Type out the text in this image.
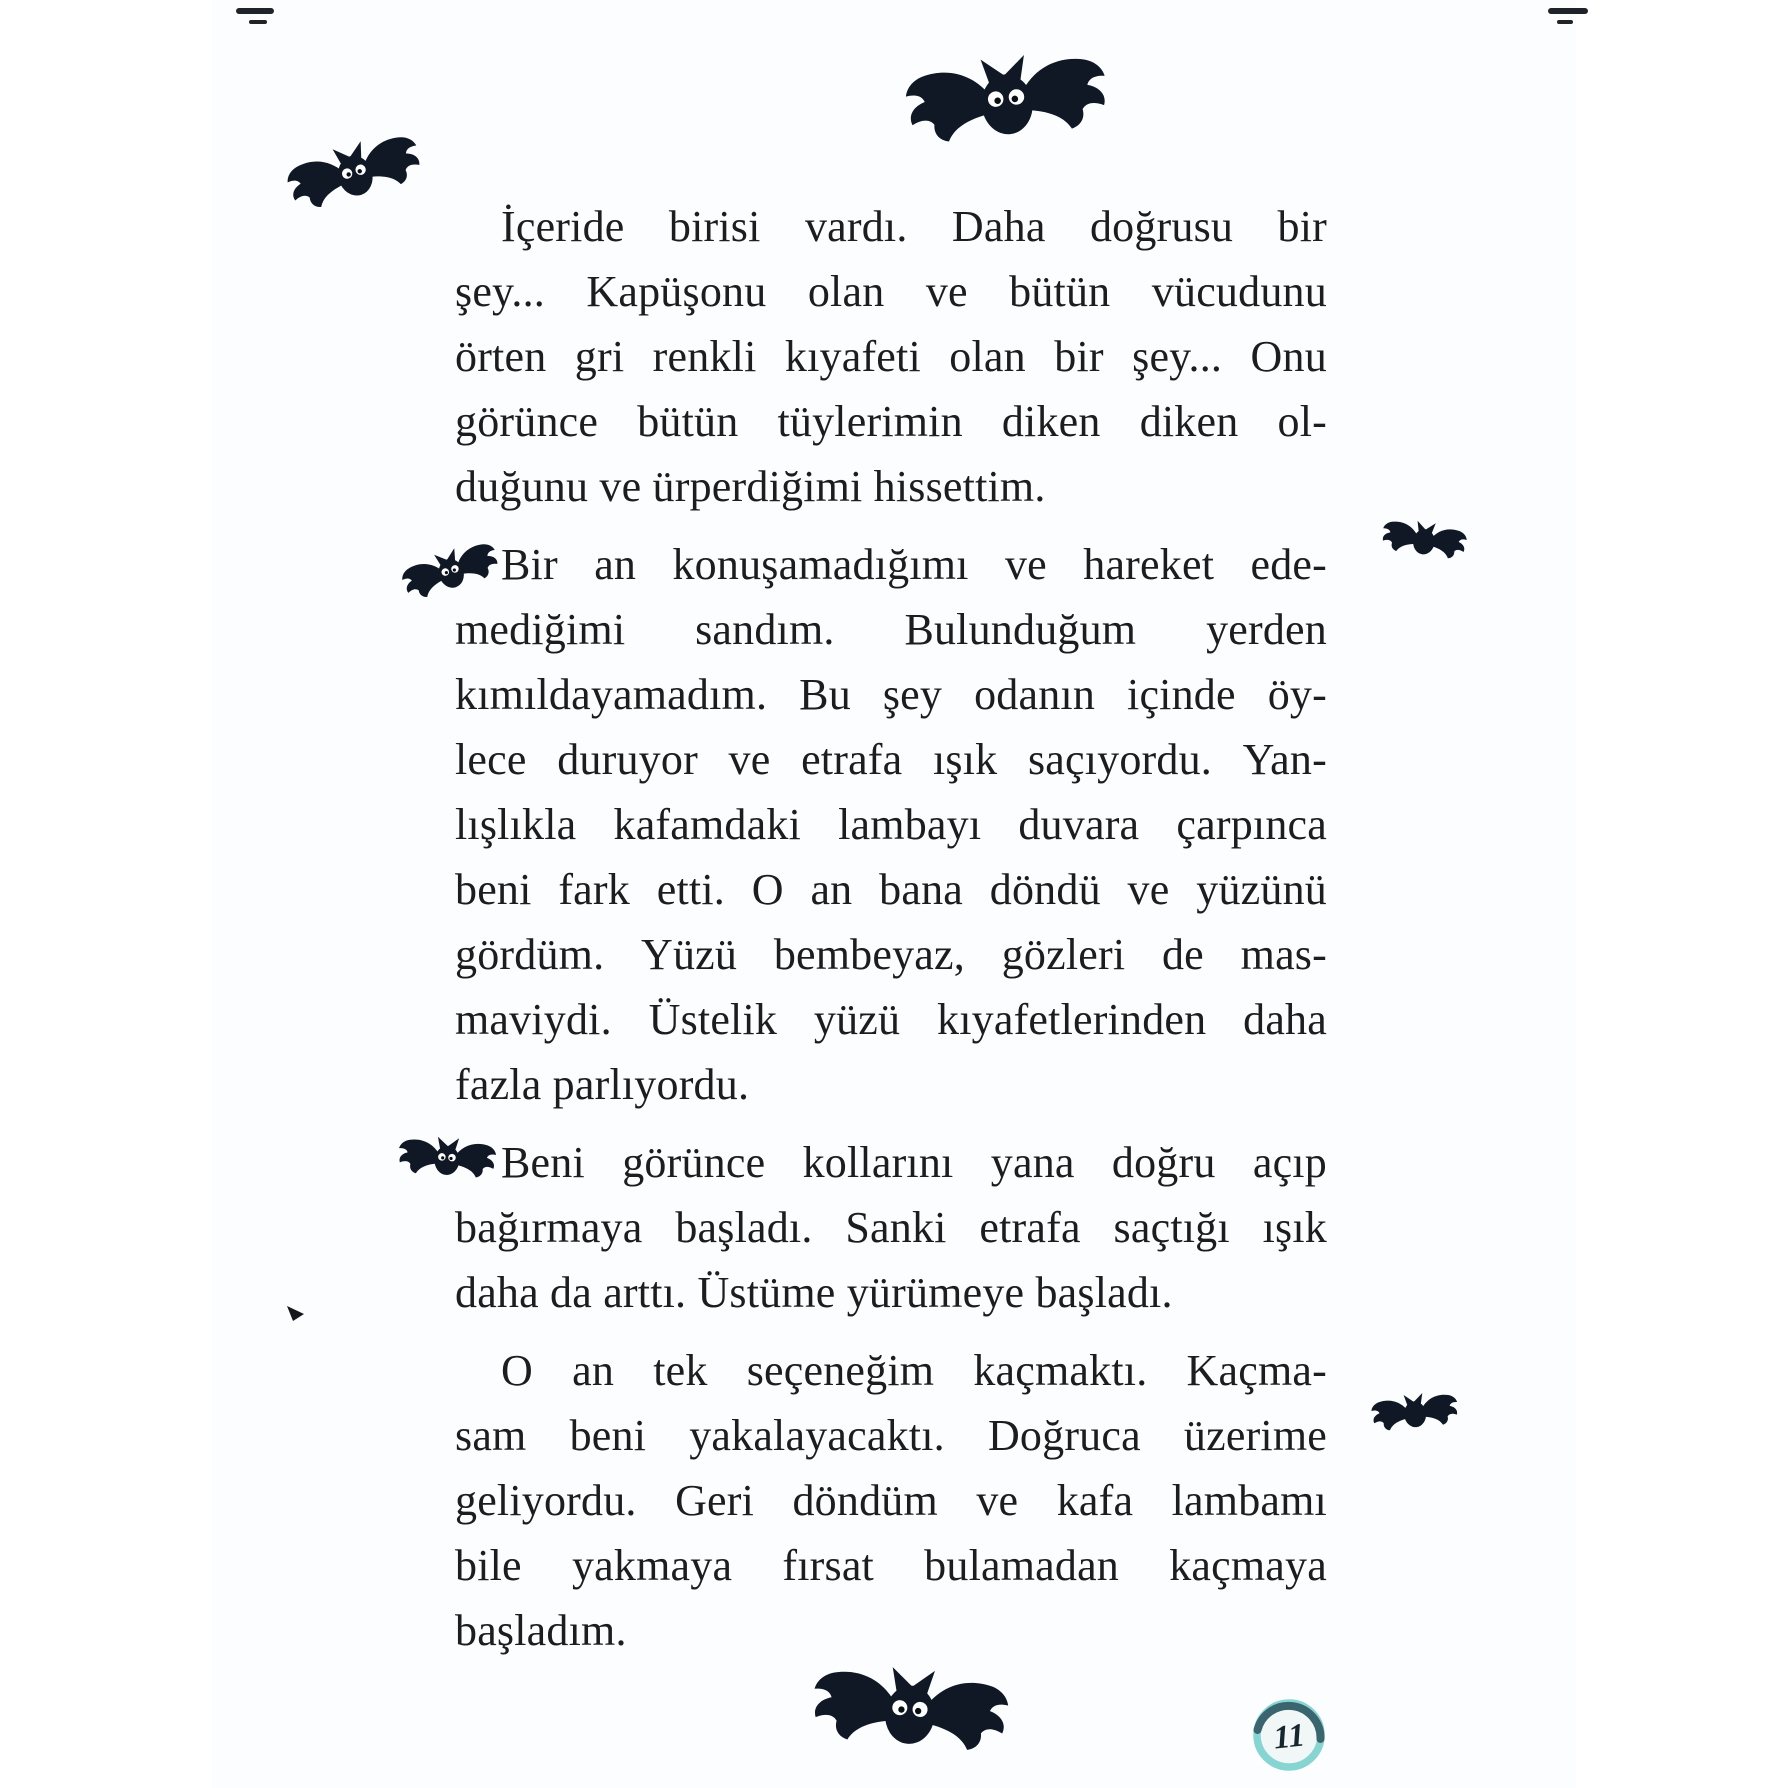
İçeride birisi vardı. Daha doğrusu bir
şey... Kapüşonu olan ve bütün vücudunu
örten gri renkli kıyafeti olan bir şey... Onu
görünce bütün tüylerimin diken diken ol-
duğunu ve ürperdiğimi hissettim.
Bir an konuşamadığımı ve hareket ede-
mediğimi sandım. Bulunduğum yerden
kımıldayamadım. Bu şey odanın içinde öy-
lece duruyor ve etrafa ışık saçıyordu. Yan-
lışlıkla kafamdaki lambayı duvara çarpınca
beni fark etti. O an bana döndü ve yüzünü
gördüm. Yüzü bembeyaz, gözleri de mas-
maviydi. Üstelik yüzü kıyafetlerinden daha
fazla parlıyordu.
Beni görünce kollarını yana doğru açıp
bağırmaya başladı. Sanki etrafa saçtığı ışık
daha da arttı. Üstüme yürümeye başladı.
O an tek seçeneğim kaçmaktı. Kaçma-
sam beni yakalayacaktı. Doğruca üzerime
geliyordu. Geri döndüm ve kafa lambamı
bile yakmaya fırsat bulamadan kaçmaya
başladım.
11
